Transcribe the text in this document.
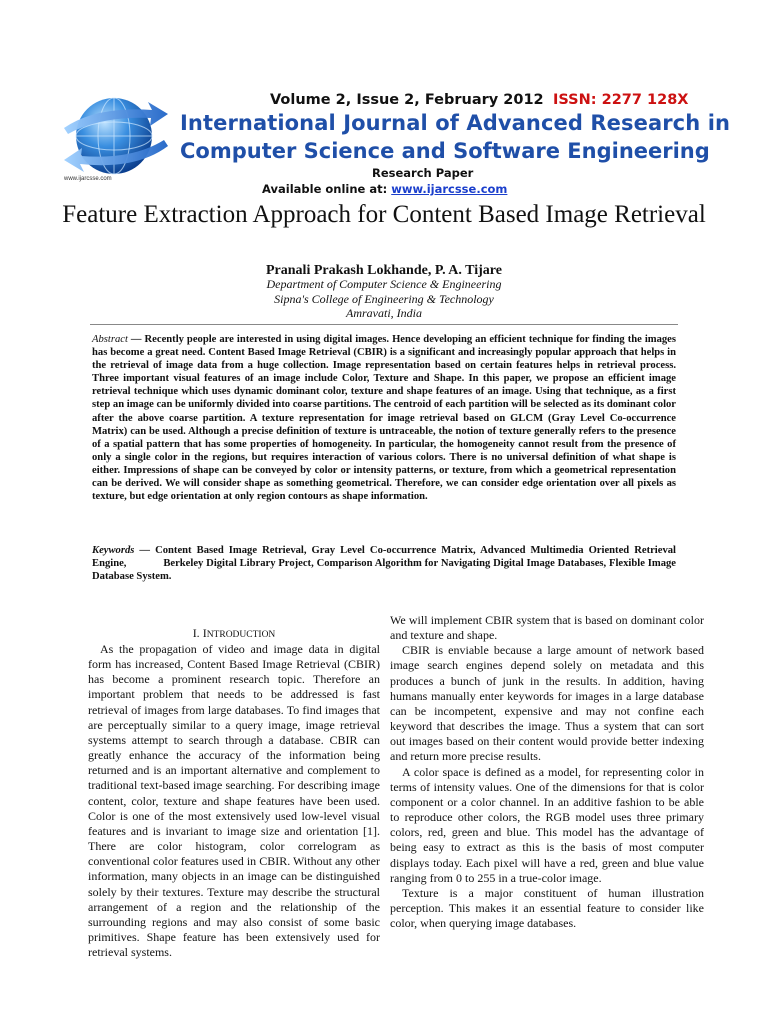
www.ijarcsse.com
Volume 2, Issue 2, February 2012 ISSN: 2277 128X
International Journal of Advanced Research in
Computer Science and Software Engineering
Research Paper
Available online at: www.ijarcsse.com
Feature Extraction Approach for Content Based Image Retrieval
Pranali Prakash Lokhande, P. A. Tijare
Department of Computer Science & Engineering
Sipna's College of Engineering & Technology
Amravati, India
Abstract — Recently people are interested in using digital images. Hence developing an efficient technique for finding the images has become a great need. Content Based Image Retrieval (CBIR) is a significant and increasingly popular approach that helps in the retrieval of image data from a huge collection. Image representation based on certain features helps in retrieval process. Three important visual features of an image include Color, Texture and Shape. In this paper, we propose an efficient image retrieval technique which uses dynamic dominant color, texture and shape features of an image. Using that technique, as a first step an image can be uniformly divided into coarse partitions. The centroid of each partition will be selected as its dominant color after the above coarse partition. A texture representation for image retrieval based on GLCM (Gray Level Co-occurrence Matrix) can be used. Although a precise definition of texture is untraceable, the notion of texture generally refers to the presence of a spatial pattern that has some properties of homogeneity. In particular, the homogeneity cannot result from the presence of only a single color in the regions, but requires interaction of various colors. There is no universal definition of what shape is either. Impressions of shape can be conveyed by color or intensity patterns, or texture, from which a geometrical representation can be derived. We will consider shape as something geometrical. Therefore, we can consider edge orientation over all pixels as texture, but edge orientation at only region contours as shape information.
Keywords — Content Based Image Retrieval, Gray Level Co-occurrence Matrix, Advanced Multimedia Oriented Retrieval Engine,             Berkeley Digital Library Project, Comparison Algorithm for Navigating Digital Image Databases, Flexible Image Database System.
I. INTRODUCTION

As the propagation of video and image data in digital form has increased, Content Based Image Retrieval (CBIR) has become a prominent research topic. Therefore an important problem that needs to be addressed is fast retrieval of images from large databases. To find images that are perceptually similar to a query image, image retrieval systems attempt to search through a database. CBIR can greatly enhance the accuracy of the information being returned and is an important alternative and complement to traditional text-based image searching. For describing image content, color, texture and shape features have been used. Color is one of the most extensively used low-level visual features and is invariant to image size and orientation [1]. There are color histogram, color correlogram as conventional color features used in CBIR. Without any other information, many objects in an image can be distinguished solely by their textures. Texture may describe the structural arrangement of a region and the relationship of the surrounding regions and may also consist of some basic primitives. Shape feature has been extensively used for retrieval systems.

We will implement CBIR system that is based on dominant color and texture and shape.

CBIR is enviable because a large amount of network based image search engines depend solely on metadata and this produces a bunch of junk in the results. In addition, having humans manually enter keywords for images in a large database can be incompetent, expensive and may not confine each keyword that describes the image. Thus a system that can sort out images based on their content would provide better indexing and return more precise results.

A color space is defined as a model, for representing color in terms of intensity values. One of the dimensions for that is color component or a color channel. In an additive fashion to be able to reproduce other colors, the RGB model uses three primary colors, red, green and blue. This model has the advantage of being easy to extract as this is the basis of most computer displays today. Each pixel will have a red, green and blue value ranging from 0 to 255 in a true-color image.

Texture is a major constituent of human illustration perception. This makes it an essential feature to consider like color, when querying image databases.
